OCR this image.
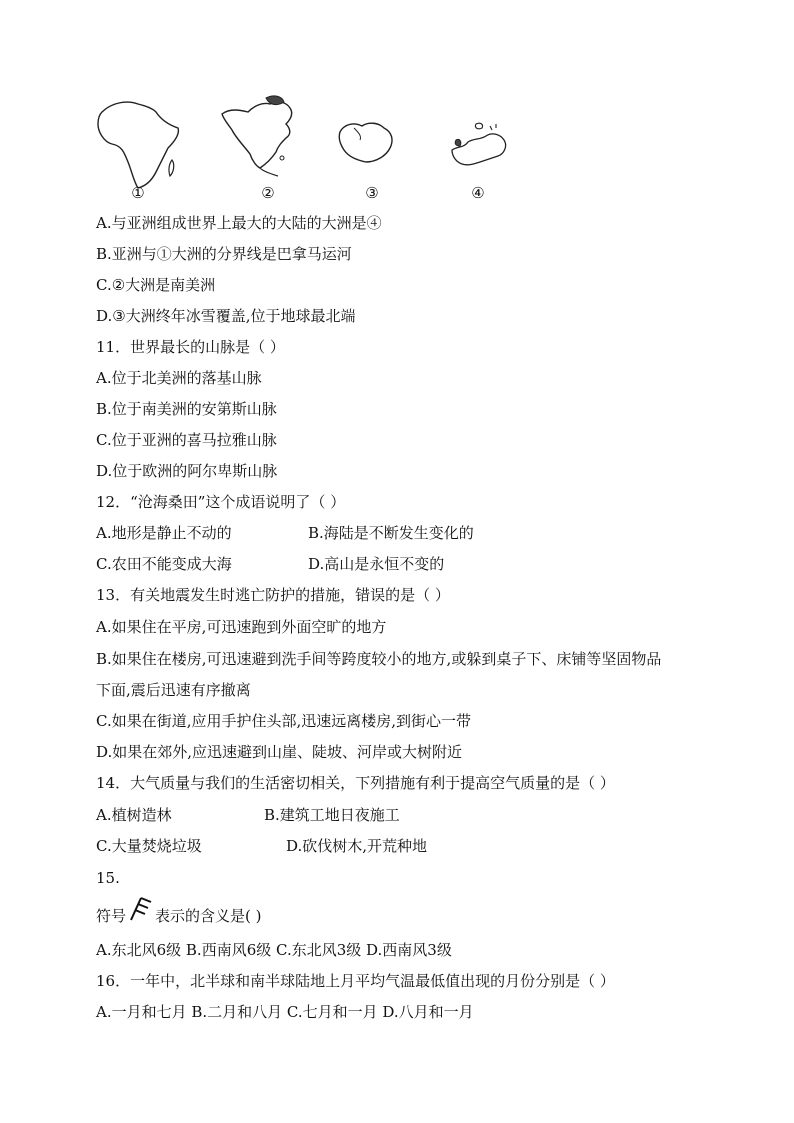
①	②	③	④
A.与亚洲组成世界上最大的大陆的大洲是④
B.亚洲与①大洲的分界线是巴拿马运河
C.②大洲是南美洲
D.③大洲终年冰雪覆盖,位于地球最北端
11．世界最长的山脉是（ ）
A.位于北美洲的落基山脉
B.位于南美洲的安第斯山脉
C.位于亚洲的喜马拉雅山脉
D.位于欧洲的阿尔卑斯山脉
12．“沧海桑田”这个成语说明了（ ）
A.地形是静止不动的	B.海陆是不断发生变化的
C.农田不能变成大海	D.高山是永恒不变的
13．有关地震发生时逃亡防护的措施，错误的是（ ）
A.如果住在平房,可迅速跑到外面空旷的地方
B.如果住在楼房,可迅速避到洗手间等跨度较小的地方,或躲到桌子下、床铺等坚固物品
下面,震后迅速有序撤离
C.如果在街道,应用手护住头部,迅速远离楼房,到街心一带
D.如果在郊外,应迅速避到山崖、陡坡、河岸或大树附近
14．大气质量与我们的生活密切相关，下列措施有利于提高空气质量的是（ ）
A.植树造林	B.建筑工地日夜施工
C.大量焚烧垃圾	D.砍伐树木,开荒种地
15.
符号 表示的含义是( )
A.东北风6级 B.西南风6级 C.东北风3级 D.西南风3级
16．一年中，北半球和南半球陆地上月平均气温最低值出现的月份分别是（ ）
A.一月和七月 B.二月和八月 C.七月和一月 D.八月和一月
